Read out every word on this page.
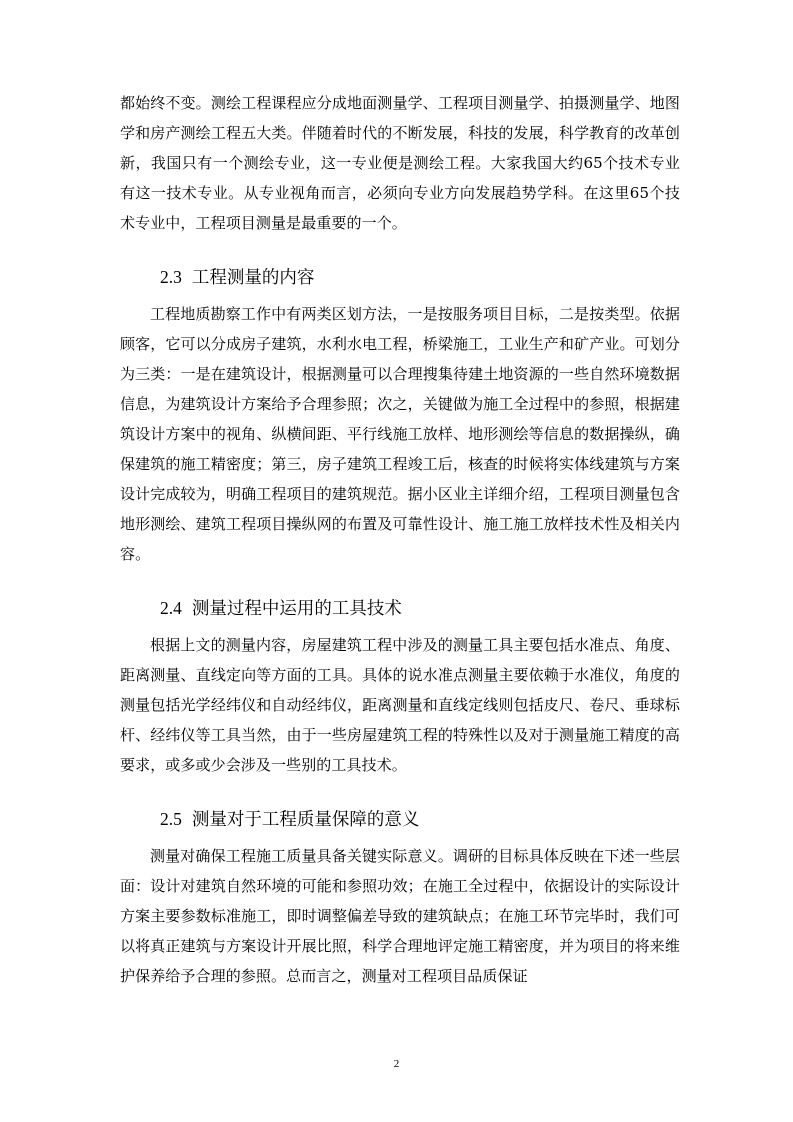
都始终不变。测绘工程课程应分成地面测量学、工程项目测量学、拍摄测量学、地图学和房产测绘工程五大类。伴随着时代的不断发展，科技的发展，科学教育的改革创新，我国只有一个测绘专业，这一专业便是测绘工程。大家我国大约65个技术专业有这一技术专业。从专业视角而言，必须向专业方向发展趋势学科。在这里65个技术专业中，工程项目测量是最重要的一个。

2.3 工程测量的内容

工程地质勘察工作中有两类区划方法，一是按服务项目目标，二是按类型。依据顾客，它可以分成房子建筑，水利水电工程，桥梁施工，工业生产和矿产业。可划分为三类：一是在建筑设计，根据测量可以合理搜集待建土地资源的一些自然环境数据信息，为建筑设计方案给予合理参照；次之，关键做为施工全过程中的参照，根据建筑设计方案中的视角、纵横间距、平行线施工放样、地形测绘等信息的数据操纵，确保建筑的施工精密度；第三，房子建筑工程竣工后，核查的时候将实体线建筑与方案设计完成较为，明确工程项目的建筑规范。据小区业主详细介绍，工程项目测量包含地形测绘、建筑工程项目操纵网的布置及可靠性设计、施工施工放样技术性及相关内容。

2.4 测量过程中运用的工具技术

根据上文的测量内容，房屋建筑工程中涉及的测量工具主要包括水准点、角度、距离测量、直线定向等方面的工具。具体的说水准点测量主要依赖于水准仪，角度的测量包括光学经纬仪和自动经纬仪，距离测量和直线定线则包括皮尺、卷尺、垂球标杆、经纬仪等工具当然，由于一些房屋建筑工程的特殊性以及对于测量施工精度的高要求，或多或少会涉及一些别的工具技术。

2.5 测量对于工程质量保障的意义

测量对确保工程施工质量具备关键实际意义。调研的目标具体反映在下述一些层面：设计对建筑自然环境的可能和参照功效；在施工全过程中，依据设计的实际设计方案主要参数标准施工，即时调整偏差导致的建筑缺点；在施工环节完毕时，我们可以将真正建筑与方案设计开展比照，科学合理地评定施工精密度，并为项目的将来维护保养给予合理的参照。总而言之，测量对工程项目品质保证

2
